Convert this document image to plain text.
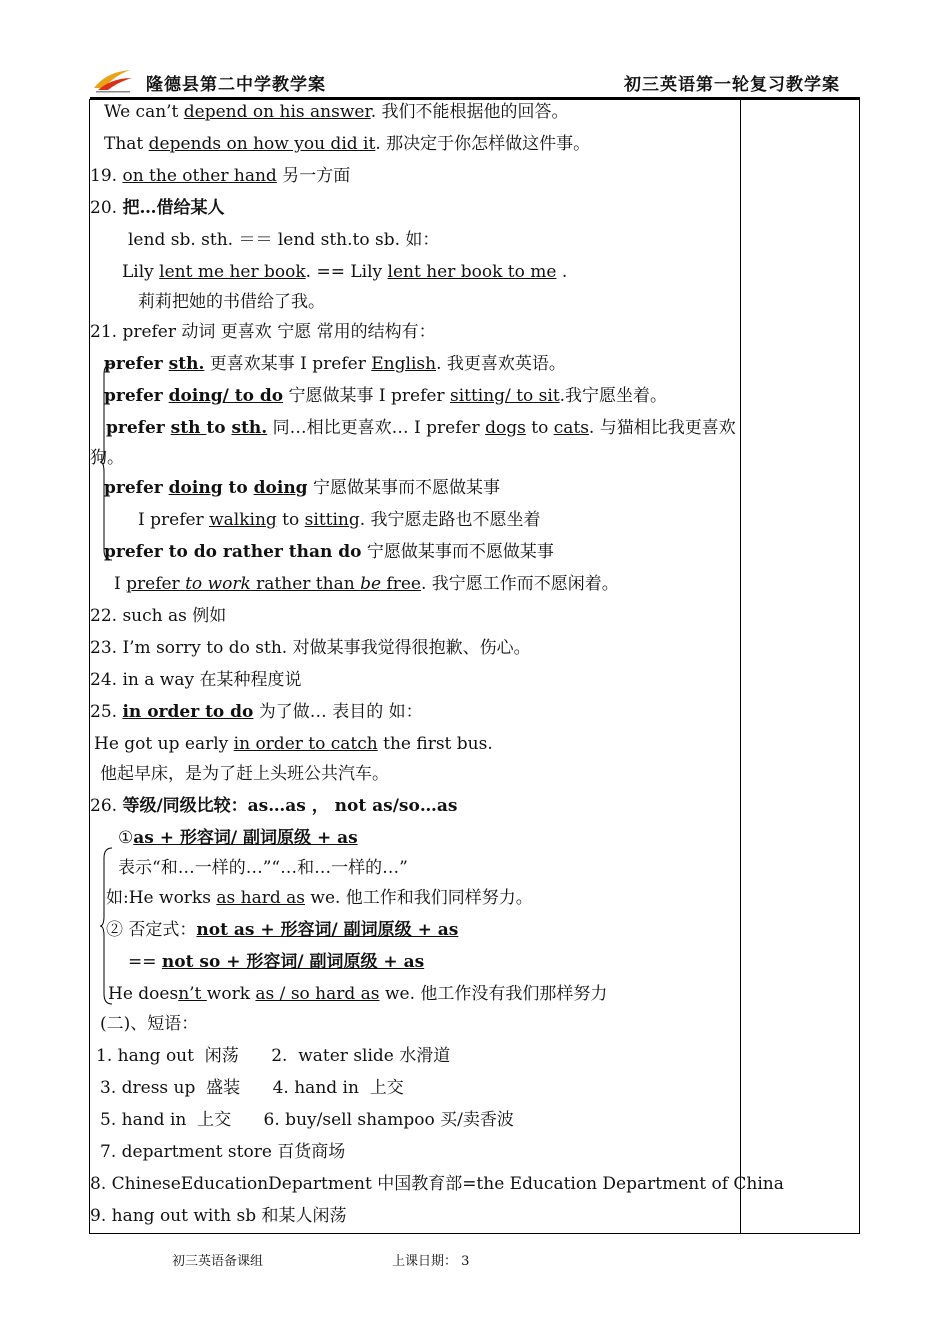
隆德县第二中学教学案	初三英语第一轮复习教学案
We can’t depend on his answer. 我们不能根据他的回答。
That depends on how you did it. 那决定于你怎样做这件事。
19. on the other hand 另一方面
20. 把…借给某人
lend sb. sth. ＝＝ lend sth.to sb. 如：
Lily lent me her book. == Lily lent her book to me .
莉莉把她的书借给了我。
21. prefer 动词 更喜欢 宁愿 常用的结构有：
prefer sth. 更喜欢某事 I prefer English. 我更喜欢英语。
prefer doing/ to do 宁愿做某事 I prefer sitting/ to sit.我宁愿坐着。
prefer sth to sth. 同…相比更喜欢… I prefer dogs to cats. 与猫相比我更喜欢
狗。
prefer doing to doing 宁愿做某事而不愿做某事
I prefer walking to sitting. 我宁愿走路也不愿坐着
prefer to do rather than do 宁愿做某事而不愿做某事
I prefer to work rather than be free. 我宁愿工作而不愿闲着。
22. such as 例如
23. I’m sorry to do sth. 对做某事我觉得很抱歉、伤心。
24. in a way 在某种程度说
25. in order to do 为了做… 表目的 如：
He got up early in order to catch the first bus.
他起早床，是为了赶上头班公共汽车。
26. 等级/同级比较：as…as ， not as/so…as
①as + 形容词/ 副词原级 + as
表示“和…一样的…”“…和…一样的…”
如:He works as hard as we. 他工作和我们同样努力。
② 否定式：not as + 形容词/ 副词原级 + as
== not so + 形容词/ 副词原级 + as
He doesn’t work as / so hard as we. 他工作没有我们那样努力
(二)、短语：
1. hang out  闲荡      2.  water slide 水滑道
3. dress up  盛装      4. hand in  上交
5. hand in  上交      6. buy/sell shampoo 买/卖香波
7. department store 百货商场
8. ChineseEducationDepartment 中国教育部=the Education Department of China
9. hang out with sb 和某人闲荡
初三英语备课组	上课日期： 3
